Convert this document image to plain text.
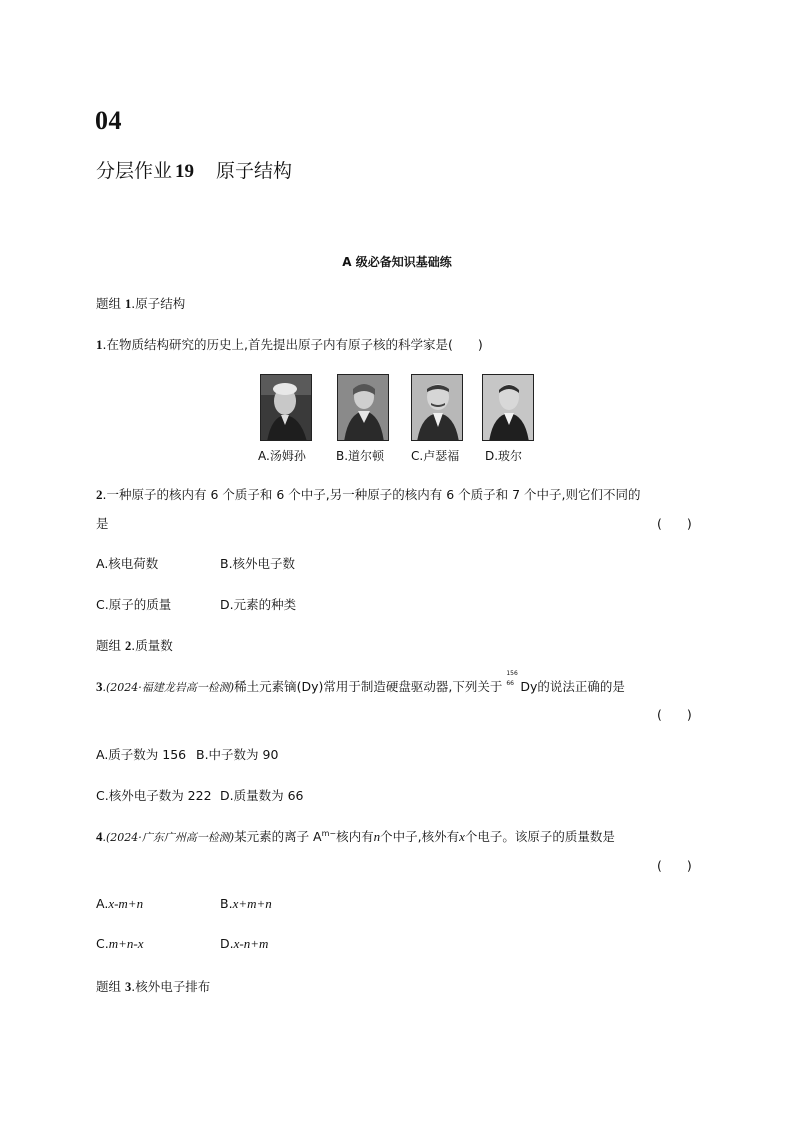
04
分层作业 19 原子结构
A 级必备知识基础练
题组 1.原子结构
1.在物质结构研究的历史上,首先提出原子内有原子核的科学家是(　　)
A.汤姆孙	B.道尔顿 C.卢瑟福 D.玻尔
2.一种原子的核内有 6 个质子和 6 个中子,另一种原子的核内有 6 个质子和 7 个中子,则它们不同的
是	(　　)
A.核电荷数	B.核外电子数
C.原子的质量	D.元素的种类
题组 2.质量数
3.(2024·福建龙岩高一检测)稀土元素镝(Dy)常用于制造硬盘驱动器,下列关于
156
66 Dy的说法正确的是
(　　)
A.质子数为 156 B.中子数为 90
C.核外电子数为 222 D.质量数为 66
4.(2024·广东广州高一检测)某元素的离子 $A^{m-}$核内有n个中子,核外有x个电子。该原子的质量数是
(　　)
A.x-m+n	B.x+m+n
C.m+n-x	D.x-n+m
题组 3.核外电子排布
